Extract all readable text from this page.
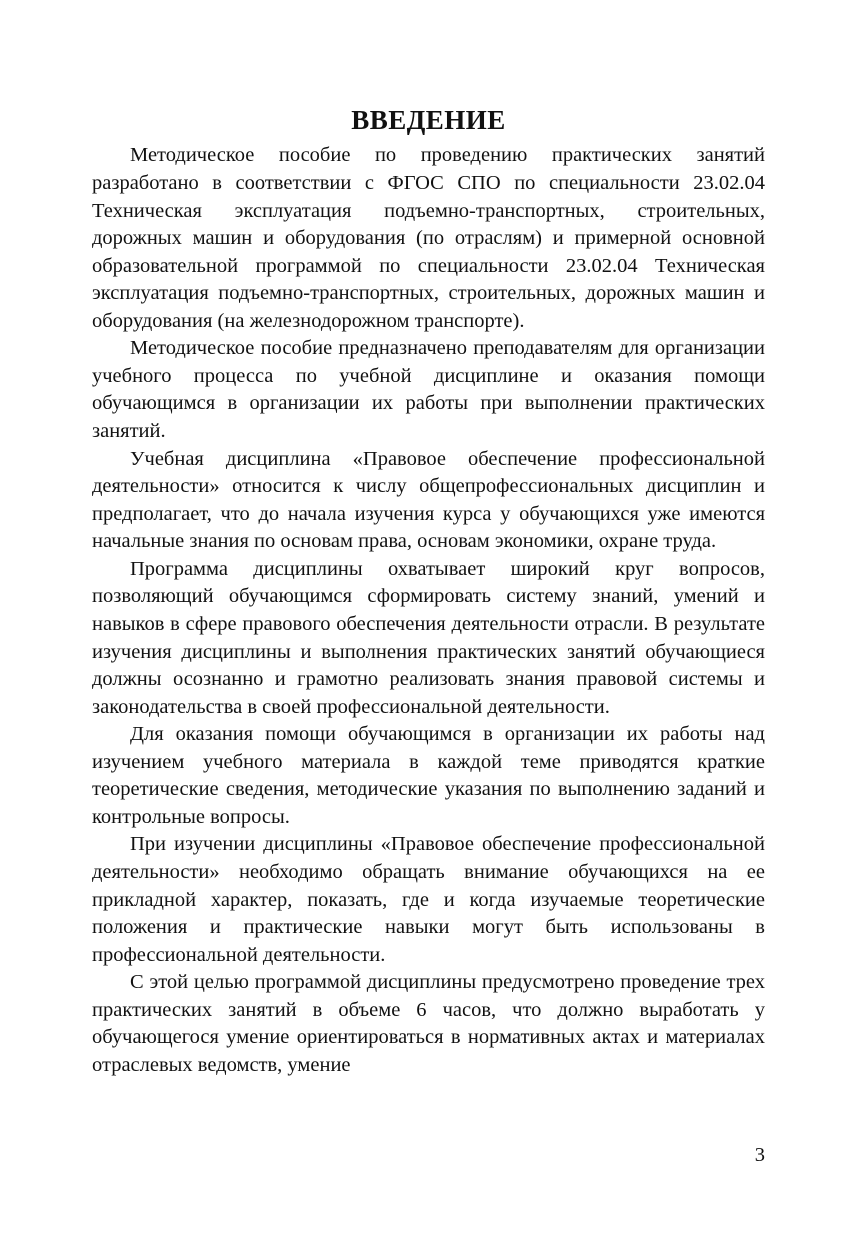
ВВЕДЕНИЕ

Методическое пособие по проведению практических занятий разработано в соответствии с ФГОС СПО по специальности 23.02.04 Техническая эксплуатация подъемно-транспортных, строительных, дорожных машин и оборудования (по отраслям) и примерной основной образовательной программой по специальности 23.02.04 Техническая эксплуатация подъемно-транспортных, строительных, дорожных машин и оборудования (на железнодорожном транспорте).

Методическое пособие предназначено преподавателям для организации учебного процесса по учебной дисциплине и оказания помощи обучающимся в организации их работы при выполнении практических занятий.

Учебная дисциплина «Правовое обеспечение профессиональной деятельности» относится к числу общепрофессиональных дисциплин и предполагает, что до начала изучения курса у обучающихся уже имеются начальные знания по основам права, основам экономики, охране труда.

Программа дисциплины охватывает широкий круг вопросов, позволяющий обучающимся сформировать систему знаний, умений и навыков в сфере правового обеспечения деятельности отрасли. В результате изучения дисциплины и выполнения практических занятий обучающиеся должны осознанно и грамотно реализовать знания правовой системы и законодательства в своей профессиональной деятельности.

Для оказания помощи обучающимся в организации их работы над изучением учебного материала в каждой теме приводятся краткие теоретические сведения, методические указания по выполнению заданий и контрольные вопросы.

При изучении дисциплины «Правовое обеспечение профессиональной деятельности» необходимо обращать внимание обучающихся на ее прикладной характер, показать, где и когда изучаемые теоретические положения и практические навыки могут быть использованы в профессиональной деятельности.

С этой целью программой дисциплины предусмотрено проведение трех практических занятий в объеме 6 часов, что должно выработать у обучающегося умение ориентироваться в нормативных актах и материалах отраслевых ведомств, умение

3
